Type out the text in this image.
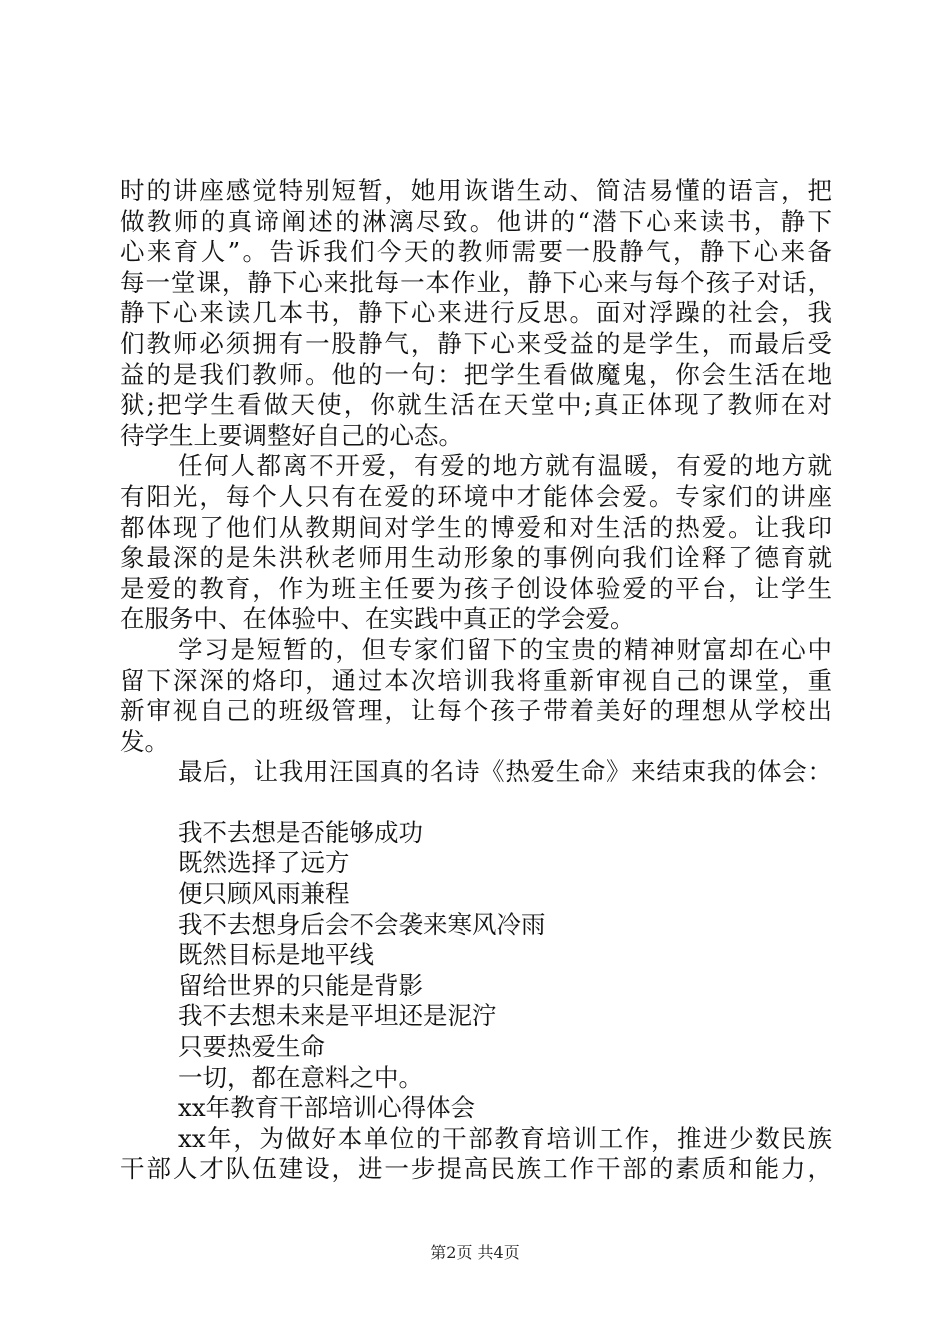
时的讲座感觉特别短暂，她用诙谐生动、简洁易懂的语言，把
做教师的真谛阐述的淋漓尽致。他讲的“潜下心来读书，静下
心来育人”。告诉我们今天的教师需要一股静气，静下心来备
每一堂课，静下心来批每一本作业，静下心来与每个孩子对话，
静下心来读几本书，静下心来进行反思。面对浮躁的社会，我
们教师必须拥有一股静气，静下心来受益的是学生，而最后受
益的是我们教师。他的一句：把学生看做魔鬼，你会生活在地
狱;把学生看做天使，你就生活在天堂中;真正体现了教师在对
待学生上要调整好自己的心态。
任何人都离不开爱，有爱的地方就有温暖，有爱的地方就
有阳光，每个人只有在爱的环境中才能体会爱。专家们的讲座
都体现了他们从教期间对学生的博爱和对生活的热爱。让我印
象最深的是朱洪秋老师用生动形象的事例向我们诠释了德育就
是爱的教育，作为班主任要为孩子创设体验爱的平台，让学生
在服务中、在体验中、在实践中真正的学会爱。
学习是短暂的，但专家们留下的宝贵的精神财富却在心中
留下深深的烙印，通过本次培训我将重新审视自己的课堂，重
新审视自己的班级管理，让每个孩子带着美好的理想从学校出
发。
最后，让我用汪国真的名诗《热爱生命》来结束我的体会：
我不去想是否能够成功
既然选择了远方
便只顾风雨兼程
我不去想身后会不会袭来寒风冷雨
既然目标是地平线
留给世界的只能是背影
我不去想未来是平坦还是泥泞
只要热爱生命
一切，都在意料之中。
xx年教育干部培训心得体会
xx年，为做好本单位的干部教育培训工作，推进少数民族
干部人才队伍建设，进一步提高民族工作干部的素质和能力，
第2页 共4页
